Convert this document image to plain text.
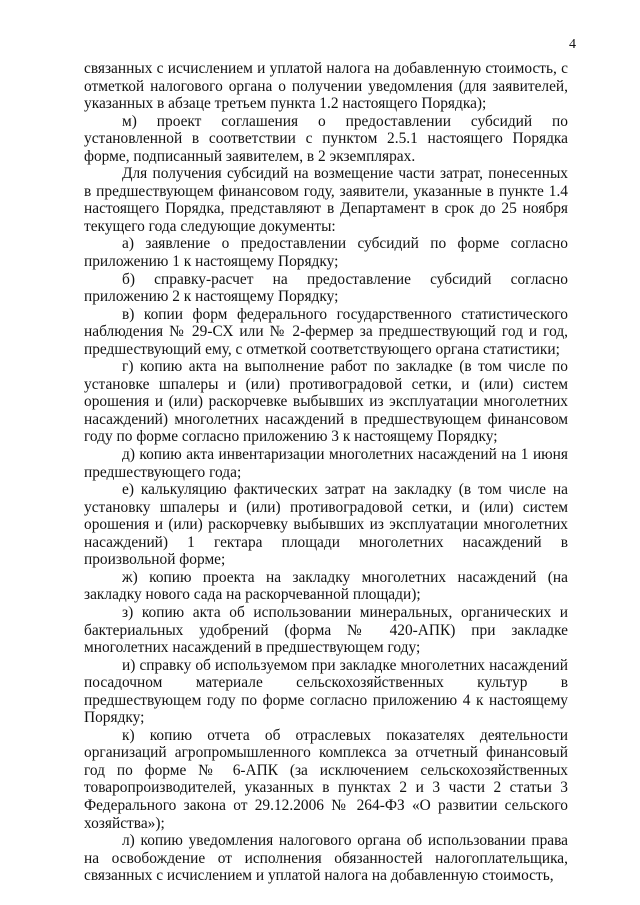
4

связанных с исчислением и уплатой налога на добавленную стоимость, с отметкой налогового органа о получении уведомления (для заявителей, указанных в абзаце третьем пункта 1.2 настоящего Порядка);

м) проект соглашения о предоставлении субсидий по установленной в соответствии с пунктом 2.5.1 настоящего Порядка форме, подписанный заявителем, в 2 экземплярах.

Для получения субсидий на возмещение части затрат, понесенных в предшествующем финансовом году, заявители, указанные в пункте 1.4 настоящего Порядка, представляют в Департамент в срок до 25 ноября текущего года следующие документы:

а) заявление о предоставлении субсидий по форме согласно приложению 1 к настоящему Порядку;

б) справку-расчет на предоставление субсидий согласно приложению 2 к настоящему Порядку;

в) копии форм федерального государственного статистического наблюдения № 29-СХ или № 2-фермер за предшествующий год и год, предшествующий ему, с отметкой соответствующего органа статистики;

г) копию акта на выполнение работ по закладке (в том числе по установке шпалеры и (или) противоградовой сетки, и (или) систем орошения и (или) раскорчевке выбывших из эксплуатации многолетних насаждений) многолетних насаждений в предшествующем финансовом году по форме согласно приложению 3 к настоящему Порядку;

д) копию акта инвентаризации многолетних насаждений на 1 июня предшествующего года;

е) калькуляцию фактических затрат на закладку (в том числе на установку шпалеры и (или) противоградовой сетки, и (или) систем орошения и (или) раскорчевку выбывших из эксплуатации многолетних насаждений) 1 гектара площади многолетних насаждений в произвольной форме;

ж) копию проекта на закладку многолетних насаждений (на закладку нового сада на раскорчеванной площади);

з) копию акта об использовании минеральных, органических и бактериальных удобрений (форма № 420-АПК) при закладке многолетних насаждений в предшествующем году;

и) справку об используемом при закладке многолетних насаждений посадочном материале сельскохозяйственных культур в предшествующем году по форме согласно приложению 4 к настоящему Порядку;

к) копию отчета об отраслевых показателях деятельности организаций агропромышленного комплекса за отчетный финансовый год по форме № 6-АПК (за исключением сельскохозяйственных товаропроизводителей, указанных в пунктах 2 и 3 части 2 статьи 3 Федерального закона от 29.12.2006 № 264-ФЗ «О развитии сельского хозяйства»);

л) копию уведомления налогового органа об использовании права на освобождение от исполнения обязанностей налогоплательщика, связанных с исчислением и уплатой налога на добавленную стоимость,
